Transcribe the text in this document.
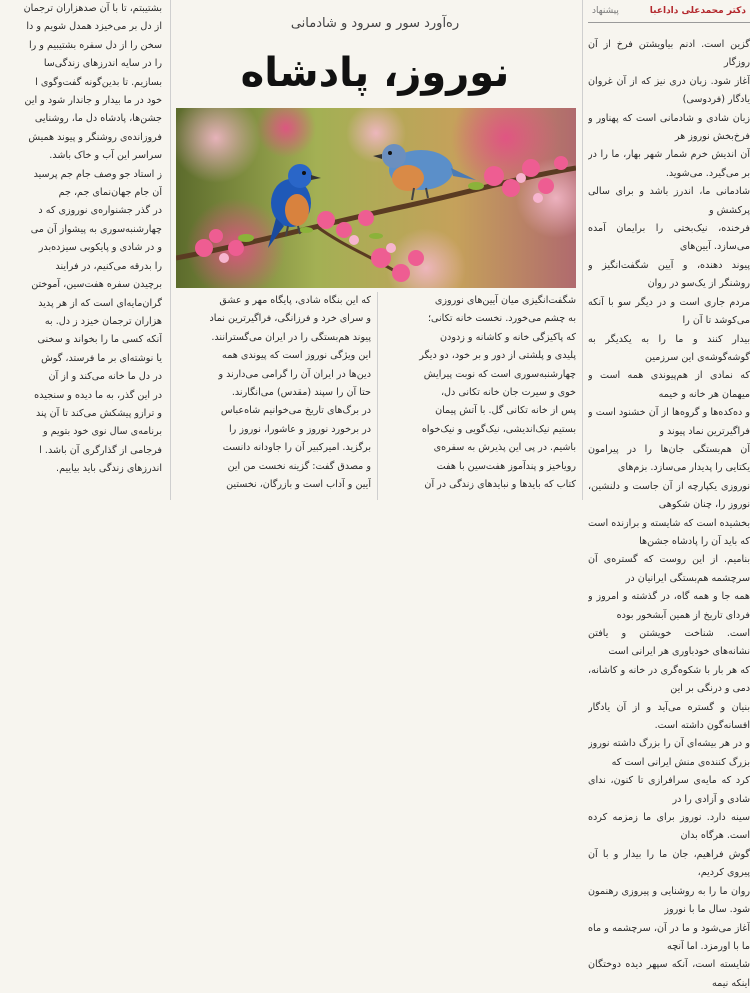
دکتر محمدعلی داداعبا
پیشنهاد

گزین است. ادنم بیاویشتن فرخ از آن روزگار

آغاز شود. زبان دری نیز که از آن غروان یادگار (فردوسی)

زبان شادی و شادمانی است که پهناور و فرخ‌بخش نوروز هر

آن اندیش خرم شمار شهر بهار، ما را در بر می‌گیرد. می‌شوید.

شادمانی ما، اندرز باشد و برای سالی پرکشش و

فرخنده، نیک‌بختی را برایمان آمده می‌سازد. آیین‌های

پیوند دهنده، و آیین شگفت‌انگیز و روشنگر از یک‌سو در روان

مردم جاری است و در دیگر سو با آنکه می‌کوشد تا آن را

بیدار کنند و ما را به یکدیگر به گوشه‌گوشه‌ی این سرزمین

که نمادی از هم‌پیوندی همه است و میهمان هر خانه و خیمه

و ده‌کده‌ها و گروه‌ها از آن خشنود است و فراگیرترین نماد پیوند و

آن هم‌بستگی جان‌ها را در پیرامون یکتایی را پدیدار می‌سازد. بزم‌های

نوروزی یکپارچه از آن جاست و دلنشین، نوروز را، چنان شکوهی

بخشیده است که شایسته و برازنده است که باید آن را پادشاه جشن‌ها

بنامیم. از این روست که گستره‌ی آن سرچشمه هم‌بستگی ایرانیان در

همه جا و همه گاه، در گذشته و امروز و فردای تاریخ از همین آبشخور بوده

است. شناخت خویشتن و یافتن نشانه‌های خودباوری هر ایرانی است

که هر بار با شکوه‌گری در خانه و کاشانه، دمی و درنگی بر این

بنیان و گستره می‌آید و از آن یادگار افسانه‌گون داشته است.

و در هر بیشه‌ای آن را بزرگ داشته نوروز بزرگ کننده‌ی منش ایرانی است که

کرد که مایه‌ی سرافرازی تا کنون، ندای شادی و آزادی را در

سینه دارد. نوروز برای ما زمزمه کرده است. هرگاه بدان

گوش فراهیم، جان ما را بیدار و با آن پیروی کردیم،

روان ما را به روشنایی و پیروزی رهنمون شود. سال ما با نوروز

آغاز می‌شود و ما در آن، سرچشمه و ماه ما با اورمزد. اما آنچه

شایسته است، آنکه سپهر دیده دوختگان اینکه نیمه

بشتیبتم، تا با آن صدهزاران ترجمان

از دل بر می‌خیزد همدل شویم و دا

سخن را از دل سفره بشتیبیم و را

را در سایه اندرزهای زندگی‌سا

بسازیم. تا بدین‌گونه گفت‌وگوی ا

خود در ما بیدار و جاندار شود و این

جشن‌ها، پادشاه دل ما، روشنایی

فروزانده‌ی روشنگر و پیوند همیش

سراسر این آب و خاک باشد.

ز استاد جو وصف جام جم پرسید

آن جام جهان‌نمای جم، جم

در گذر جشنواره‌ی نوروزی که د

چهارشنبه‌سوری به پیشواز آن می

و در شادی و پایکوبی سیزده‌بدر

را بدرقه می‌کنیم، در فرایند

برچیدن سفره هفت‌سین، آموختن

گران‌مایه‌ای است که از هر پدید

هزاران ترجمان خیزد ز دل. به

آنکه کسی ما را بخواند و سخنی

یا نوشته‌ای بر ما فرستد، گوش

در دل ما خانه می‌کند و از آن

در این گذر، به ما دیده و سنجیده

و ترازو پیشکش می‌کند تا آن پند

برنامه‌ی سال نوی خود بتویم و

فرجامی از گذارگری آن باشد. ا

اندرزهای زندگی باید بیاییم.

ره‌آورد سور و سرود و شادمانی
نوروز، پادشاه

که این بنگاه شادی، پایگاه مهر و عشق

و سرای خرد و فرزانگی، فراگیرترین نماد

پیوند هم‌بستگی را در ایران می‌گسترانند.

این ویژگی نوروز است که پیوندی همه

دین‌ها در ایران آن را گرامی می‌دارند و

حتا آن را سپند (مقدس) می‌انگارند.

در برگ‌های تاریخ می‌خوانیم شاه‌عباس

در برخورد نوروز و عاشورا، نوروز را

برگزید. امیرکبیر آن را جاودانه دانست

و مصدق گفت: گزینه نخست من این

آیین و آداب است و بازرگان، نخستین

شگفت‌انگیزی میان آیین‌های نوروزی

به چشم می‌خورد. نخست خانه تکانی؛

که پاکیزگی خانه و کاشانه و زدودن

پلیدی و پلشتی از دور و بر خود، دو دیگر

چهارشنبه‌سوری است که نوبت پیرایش

خوی و سیرت جان خانه تکانی دل،

پس از خانه تکانی گل. با آتش پیمان

بستیم نیک‌اندیشی، نیک‌گویی و نیک‌خواه

باشیم. در پی این پذیرش به سفره‌ی

رویاخیز و پندآموز هفت‌سین با هفت

کتاب که بایدها و نبایدهای زندگی در آن
